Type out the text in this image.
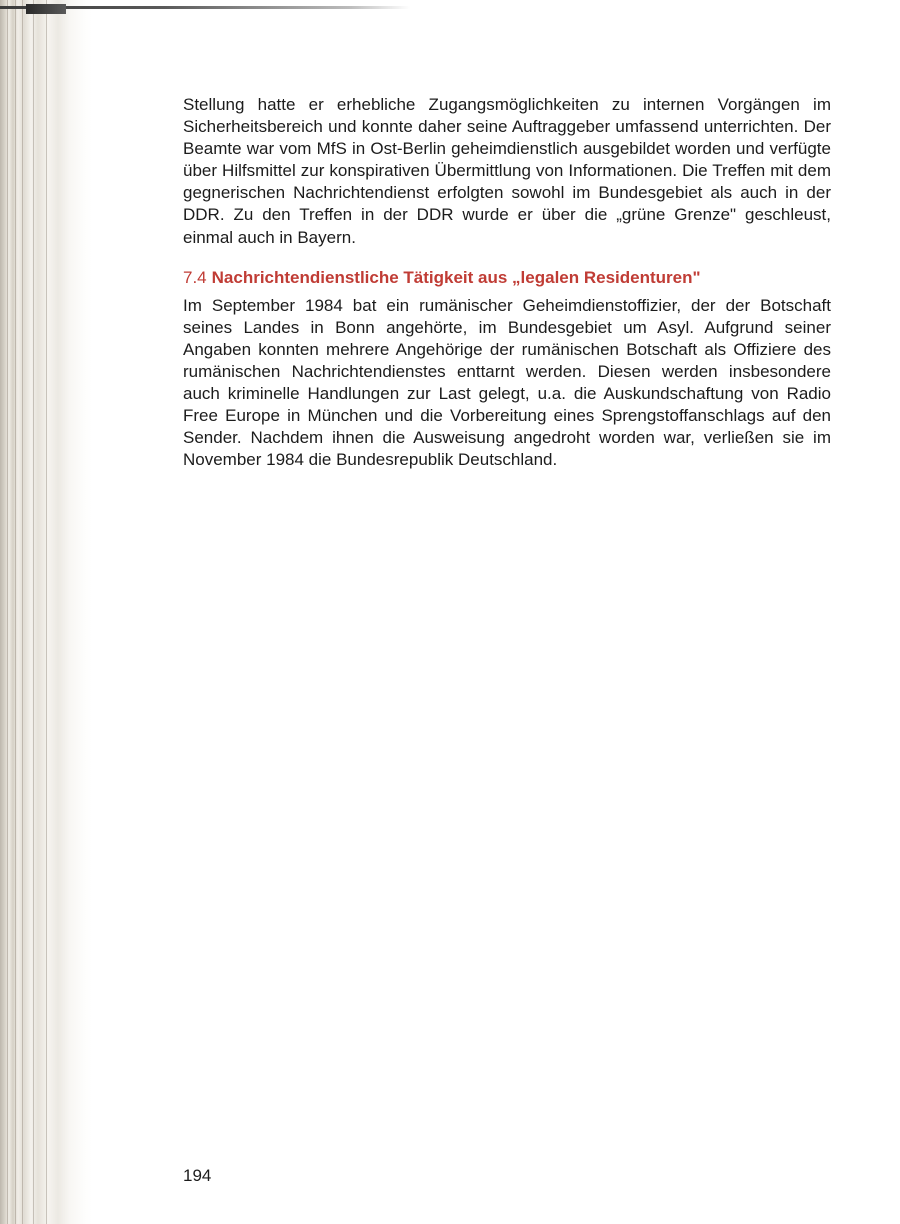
Stellung hatte er erhebliche Zugangsmöglichkeiten zu internen Vorgängen im Sicherheitsbereich und konnte daher seine Auftraggeber umfassend unterrichten. Der Beamte war vom MfS in Ost-Berlin geheimdienstlich ausgebildet worden und verfügte über Hilfsmittel zur konspirativen Übermittlung von Informationen. Die Treffen mit dem gegnerischen Nachrichtendienst erfolgten sowohl im Bundesgebiet als auch in der DDR. Zu den Treffen in der DDR wurde er über die „grüne Grenze" geschleust, einmal auch in Bayern.

7.4 Nachrichtendienstliche Tätigkeit aus „legalen Residenturen"

Im September 1984 bat ein rumänischer Geheimdienstoffizier, der der Botschaft seines Landes in Bonn angehörte, im Bundesgebiet um Asyl. Aufgrund seiner Angaben konnten mehrere Angehörige der rumänischen Botschaft als Offiziere des rumänischen Nachrichtendienstes enttarnt werden. Diesen werden insbesondere auch kriminelle Handlungen zur Last gelegt, u.a. die Auskundschaftung von Radio Free Europe in München und die Vorbereitung eines Sprengstoffanschlags auf den Sender. Nachdem ihnen die Ausweisung angedroht worden war, verließen sie im November 1984 die Bundesrepublik Deutschland.

194
